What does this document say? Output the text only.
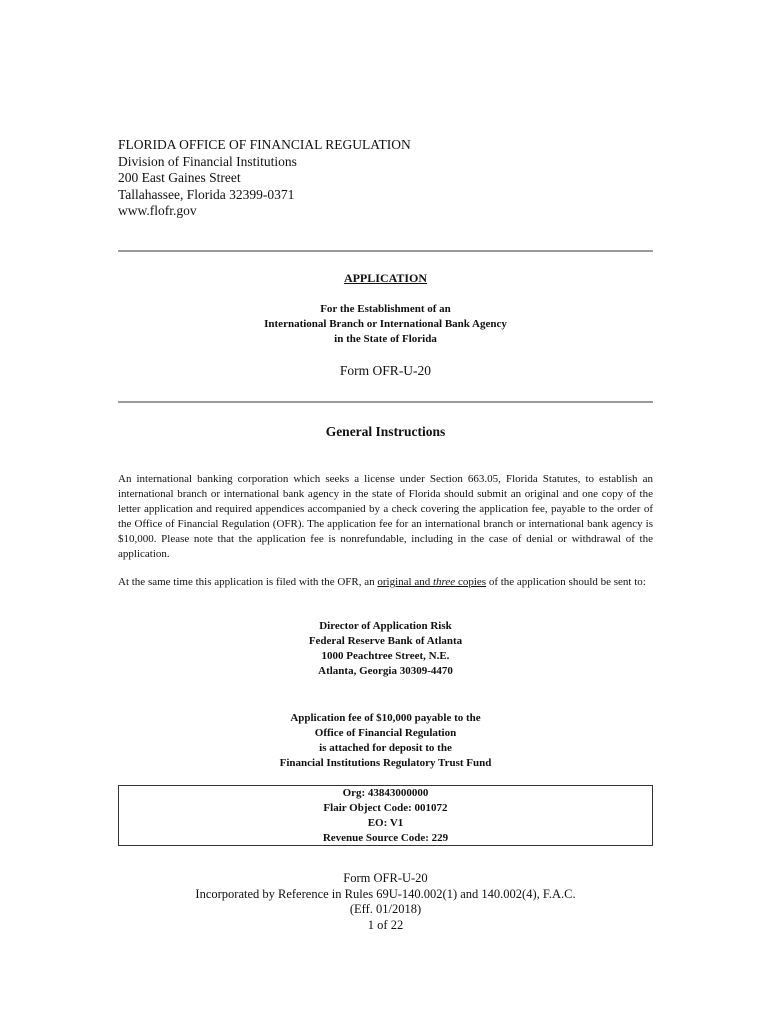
FLORIDA OFFICE OF FINANCIAL REGULATION
Division of Financial Institutions
200 East Gaines Street
Tallahassee, Florida 32399-0371
www.flofr.gov
APPLICATION
For the Establishment of an
International Branch or International Bank Agency
in the State of Florida
Form OFR-U-20
General Instructions
An international banking corporation which seeks a license under Section 663.05, Florida Statutes, to establish an international branch or international bank agency in the state of Florida should submit an original and one copy of the letter application and required appendices accompanied by a check covering the application fee, payable to the order of the Office of Financial Regulation (OFR). The application fee for an international branch or international bank agency is $10,000. Please note that the application fee is nonrefundable, including in the case of denial or withdrawal of the application.
At the same time this application is filed with the OFR, an original and three copies of the application should be sent to:
Director of Application Risk
Federal Reserve Bank of Atlanta
1000 Peachtree Street, N.E.
Atlanta, Georgia 30309-4470
Application fee of $10,000 payable to the
Office of Financial Regulation
is attached for deposit to the
Financial Institutions Regulatory Trust Fund
Org: 43843000000
Flair Object Code: 001072
EO: V1
Revenue Source Code: 229
Form OFR-U-20
Incorporated by Reference in Rules 69U-140.002(1) and 140.002(4), F.A.C.
(Eff. 01/2018)
1 of 22
